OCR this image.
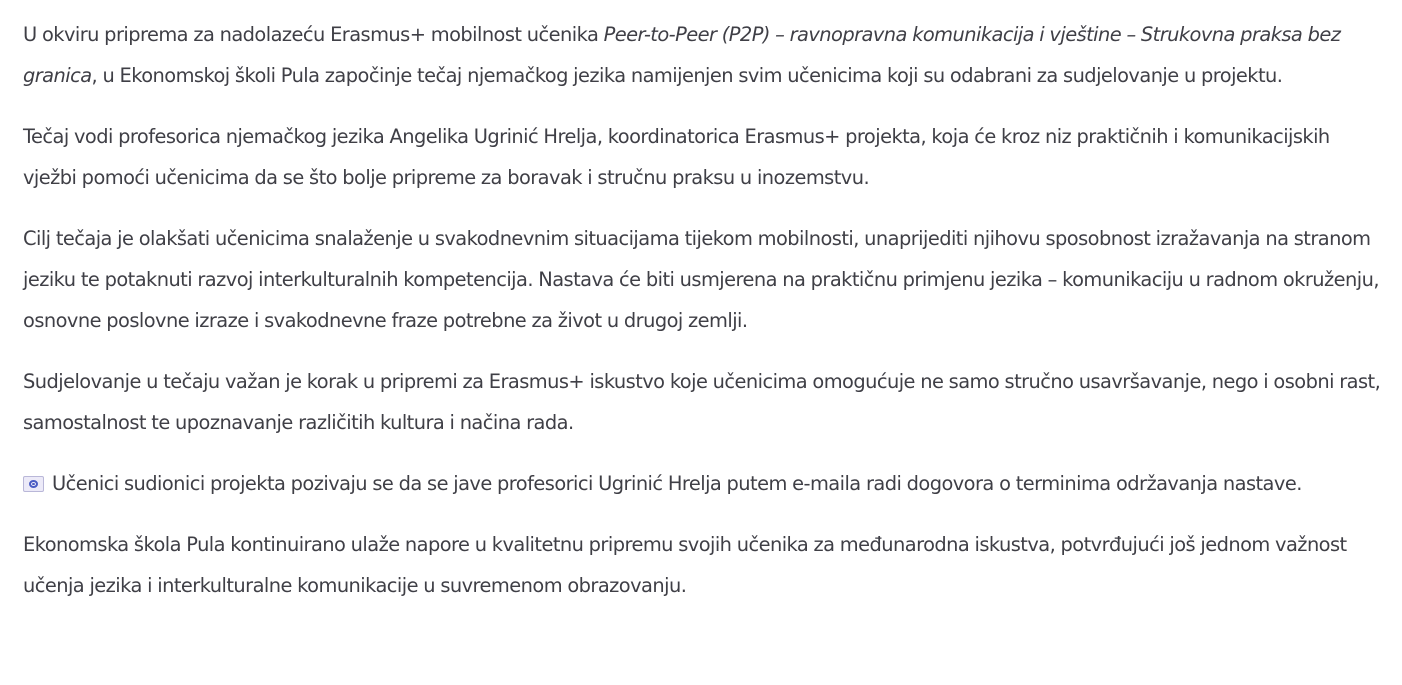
U okviru priprema za nadolazeću Erasmus+ mobilnost učenika Peer-to-Peer (P2P) – ravnopravna komunikacija i vještine – Strukovna praksa bez granica, u Ekonomskoj školi Pula započinje tečaj njemačkog jezika namijenjen svim učenicima koji su odabrani za sudjelovanje u projektu.

Tečaj vodi profesorica njemačkog jezika Angelika Ugrinić Hrelja, koordinatorica Erasmus+ projekta, koja će kroz niz praktičnih i komunikacijskih vježbi pomoći učenicima da se što bolje pripreme za boravak i stručnu praksu u inozemstvu.

Cilj tečaja je olakšati učenicima snalaženje u svakodnevnim situacijama tijekom mobilnosti, unaprijediti njihovu sposobnost izražavanja na stranom jeziku te potaknuti razvoj interkulturalnih kompetencija. Nastava će biti usmjerena na praktičnu primjenu jezika – komunikaciju u radnom okruženju, osnovne poslovne izraze i svakodnevne fraze potrebne za život u drugoj zemlji.

Sudjelovanje u tečaju važan je korak u pripremi za Erasmus+ iskustvo koje učenicima omogućuje ne samo stručno usavršavanje, nego i osobni rast, samostalnost te upoznavanje različitih kultura i načina rada.

Učenici sudionici projekta pozivaju se da se jave profesorici Ugrinić Hrelja putem e-maila radi dogovora o terminima održavanja nastave.

Ekonomska škola Pula kontinuirano ulaže napore u kvalitetnu pripremu svojih učenika za međunarodna iskustva, potvrđujući još jednom važnost učenja jezika i interkulturalne komunikacije u suvremenom obrazovanju.
